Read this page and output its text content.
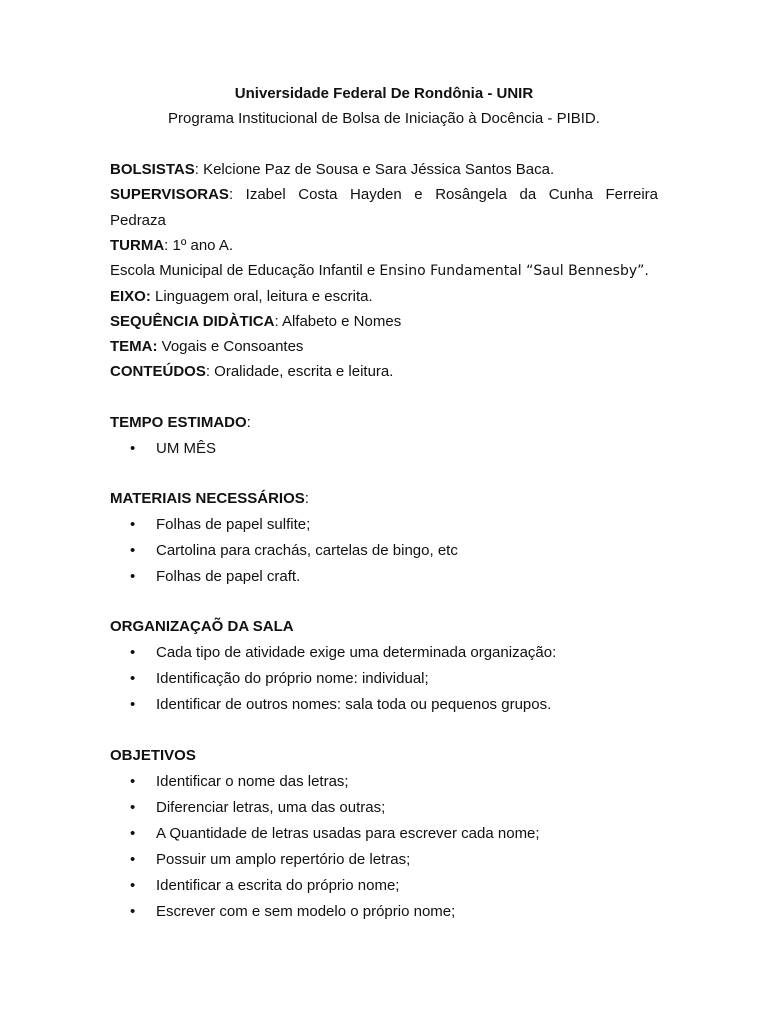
Universidade Federal De Rondônia - UNIR
Programa Institucional de Bolsa de Iniciação à Docência - PIBID.
BOLSISTAS: Kelcione Paz de Sousa e Sara Jéssica Santos Baca.
SUPERVISORAS: Izabel Costa Hayden e Rosângela da Cunha Ferreira
Pedraza
TURMA: 1º ano A.
Escola Municipal de Educação Infantil e Ensino Fundamental “Saul Bennesby”.
EIXO: Linguagem oral, leitura e escrita.
SEQUÊNCIA DIDÀTICA: Alfabeto e Nomes
TEMA: Vogais e Consoantes
CONTEÚDOS: Oralidade, escrita e leitura.
TEMPO ESTIMADO:
• UM MÊS
MATERIAIS NECESSÁRIOS:
• Folhas de papel sulfite;
• Cartolina para crachás, cartelas de bingo, etc
• Folhas de papel craft.
ORGANIZAÇAÕ DA SALA
• Cada tipo de atividade exige uma determinada organização:
• Identificação do próprio nome: individual;
• Identificar de outros nomes: sala toda ou pequenos grupos.
OBJETIVOS
• Identificar o nome das letras;
• Diferenciar letras, uma das outras;
• A Quantidade de letras usadas para escrever cada nome;
• Possuir um amplo repertório de letras;
• Identificar a escrita do próprio nome;
• Escrever com e sem modelo o próprio nome;
